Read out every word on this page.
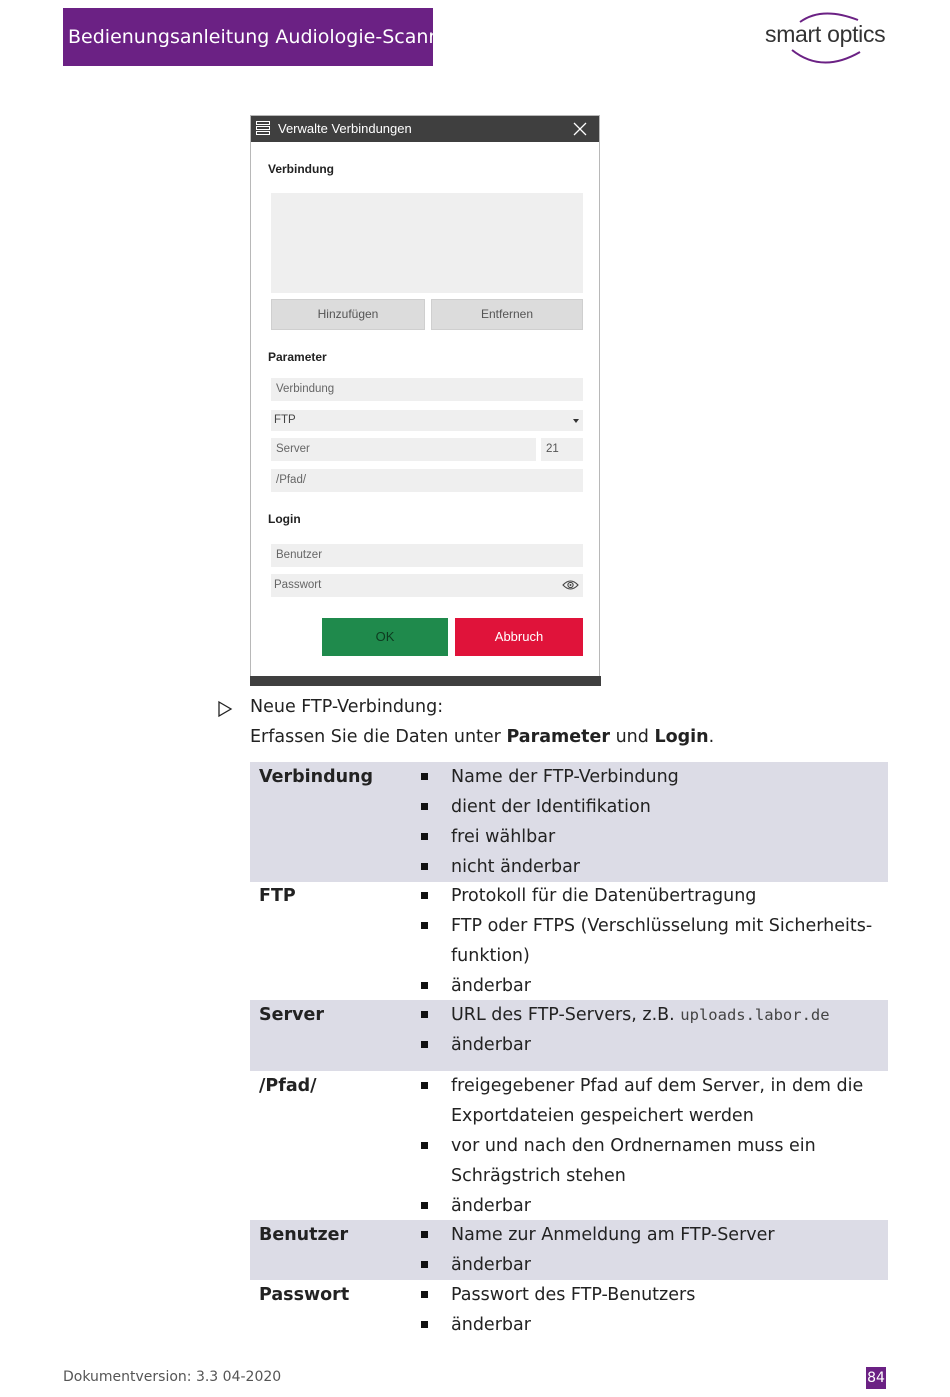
Bedienungsanleitung Audiologie-Scanner	smart optics
Verwalte Verbindungen
Verbindung
Hinzufügen	Entfernen
Parameter
Verbindung
FTP
Server	21
/Pfad/
Login
Benutzer
Passwort
OK	Abbruch
Neue FTP-Verbindung:
Erfassen Sie die Daten unter Parameter und Login.
Verbindung	Name der FTP-Verbindung
dient der Identifikation
frei wählbar
nicht änderbar
FTP	Protokoll für die Datenübertragung
FTP oder FTPS (Verschlüsselung mit Sicherheits-funktion)
änderbar
Server	URL des FTP-Servers, z.B. uploads.labor.de
änderbar
/Pfad/	freigegebener Pfad auf dem Server, in dem die Exportdateien gespeichert werden
vor und nach den Ordnernamen muss ein Schrägstrich stehen
änderbar
Benutzer	Name zur Anmeldung am FTP-Server
änderbar
Passwort	Passwort des FTP-Benutzers
änderbar
Dokumentversion: 3.3 04-2020	84
